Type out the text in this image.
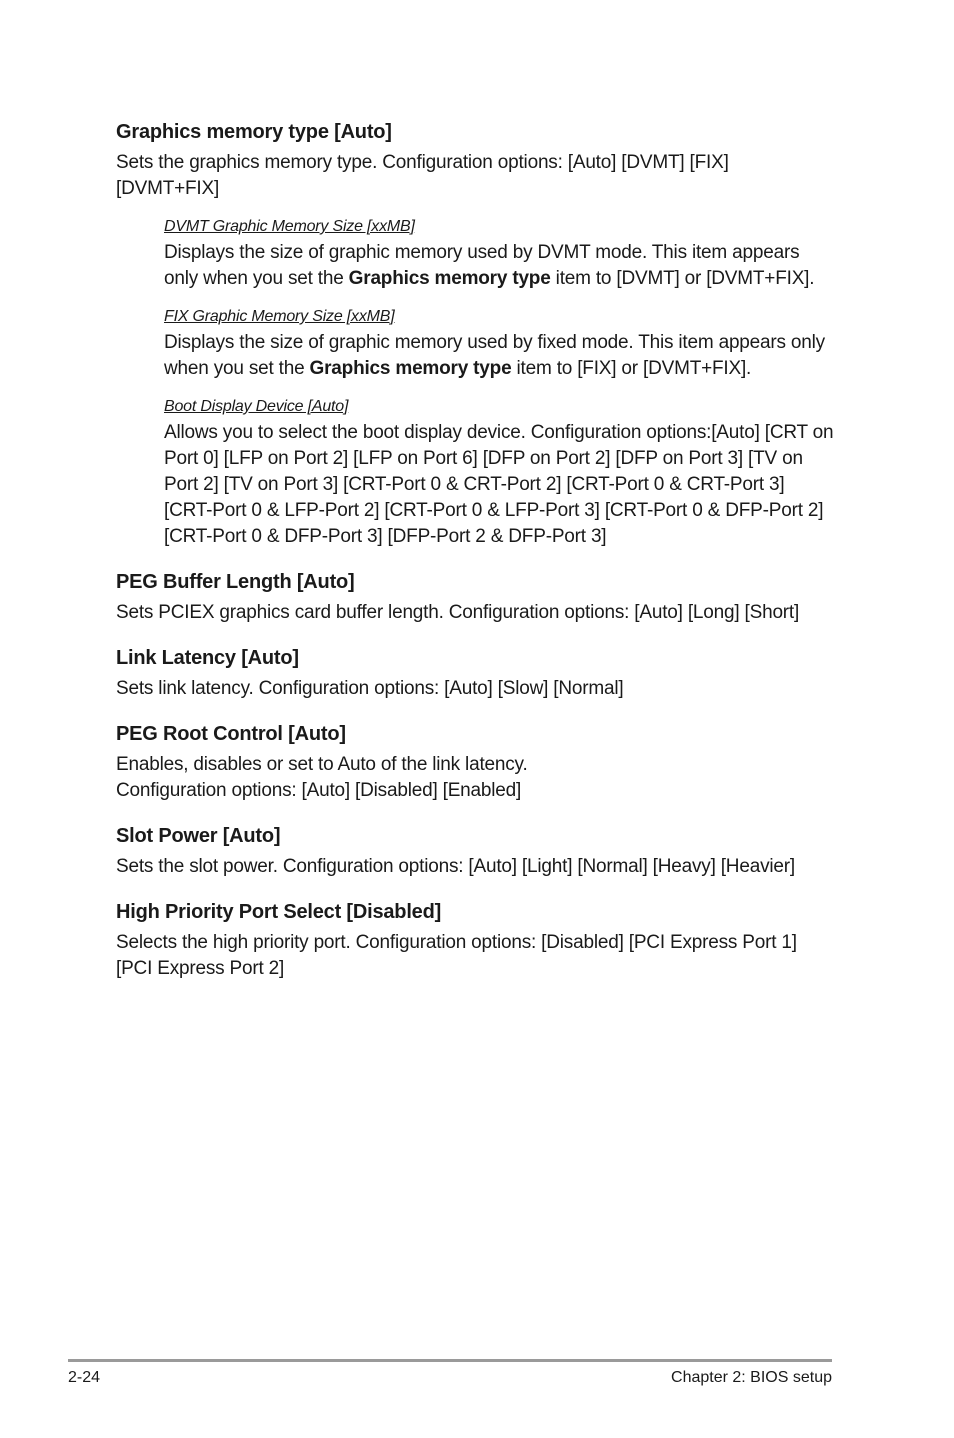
Graphics memory type [Auto]

Sets the graphics memory type. Configuration options: [Auto] [DVMT] [FIX] [DVMT+FIX]

DVMT Graphic Memory Size [xxMB]

Displays the size of graphic memory used by DVMT mode. This item appears only when you set the Graphics memory type item to [DVMT] or [DVMT+FIX].

FIX Graphic Memory Size [xxMB]

Displays the size of graphic memory used by fixed mode. This item appears only when you set the Graphics memory type item to [FIX] or [DVMT+FIX].

Boot Display Device [Auto]

Allows you to select the boot display device. Configuration options:[Auto] [CRT on Port 0] [LFP on Port 2] [LFP on Port 6] [DFP on Port 2] [DFP on Port 3] [TV on Port 2] [TV on Port 3] [CRT-Port 0 & CRT-Port 2] [CRT-Port 0 & CRT-Port 3] [CRT-Port 0 & LFP-Port 2] [CRT-Port 0 & LFP-Port 3] [CRT-Port 0 & DFP-Port 2] [CRT-Port 0 & DFP-Port 3] [DFP-Port 2 & DFP-Port 3]

PEG Buffer Length [Auto]

Sets PCIEX graphics card buffer length. Configuration options: [Auto] [Long] [Short]

Link Latency [Auto]

Sets link latency. Configuration options: [Auto] [Slow] [Normal]

PEG Root Control [Auto]

Enables, disables or set to Auto of the link latency.
Configuration options: [Auto] [Disabled] [Enabled]

Slot Power [Auto]

Sets the slot power. Configuration options: [Auto] [Light] [Normal] [Heavy] [Heavier]

High Priority Port Select [Disabled]

Selects the high priority port. Configuration options: [Disabled] [PCI Express Port 1] [PCI Express Port 2]

2-24	Chapter 2: BIOS setup
